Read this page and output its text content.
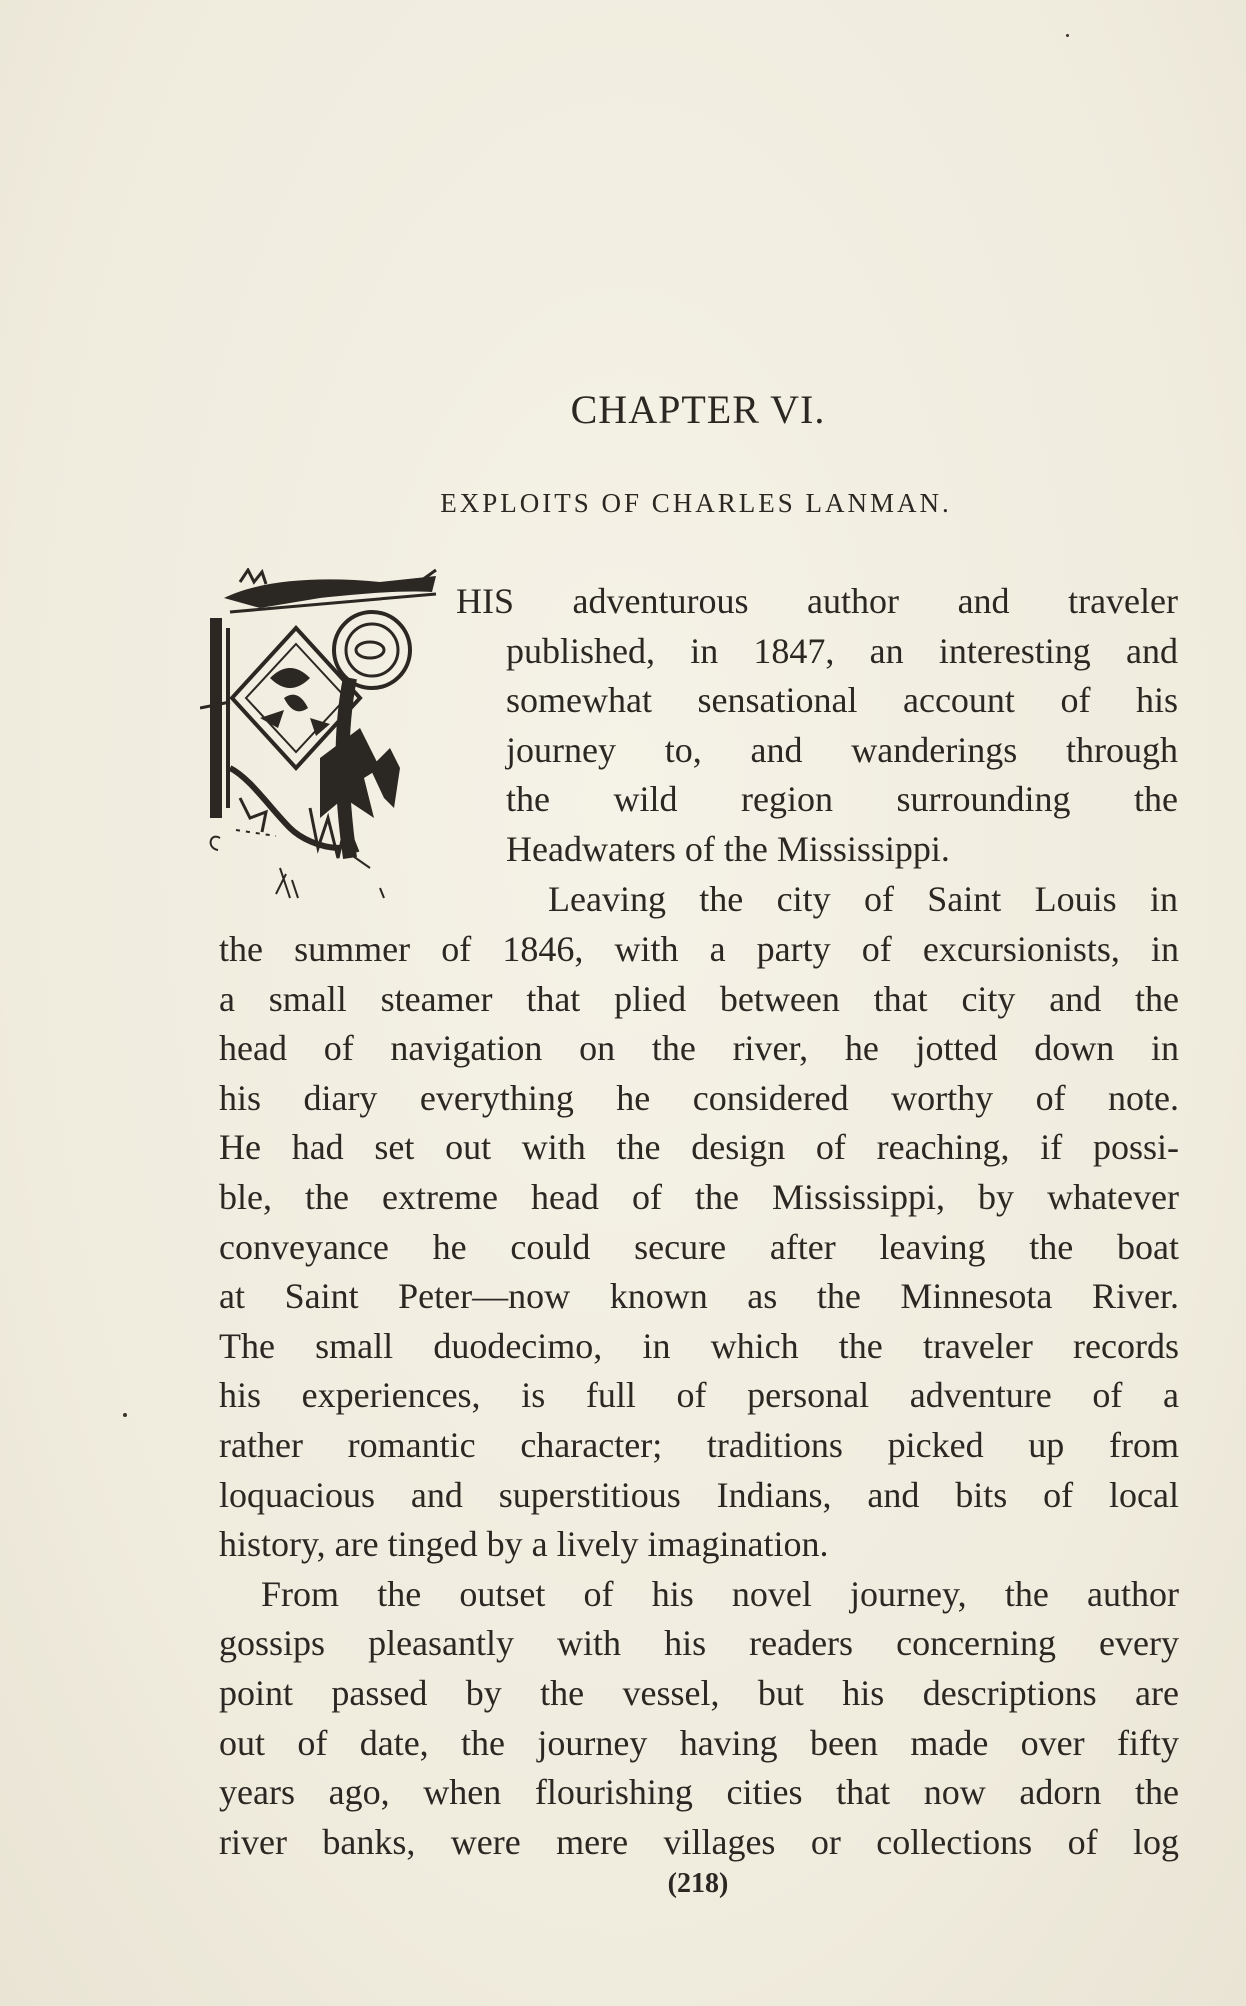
CHAPTER VI.
EXPLOITS OF CHARLES LANMAN.
HIS adventurous author and traveler
published, in 1847, an interesting and
somewhat sensational account of his
journey to, and wanderings through
the wild region surrounding the
Headwaters of the Mississippi.
Leaving the city of Saint Louis in
the summer of 1846, with a party of excursionists, in
a small steamer that plied between that city and the
head of navigation on the river, he jotted down in
his diary everything he considered worthy of note.
He had set out with the design of reaching, if possi-
ble, the extreme head of the Mississippi, by whatever
conveyance he could secure after leaving the boat
at Saint Peter—now known as the Minnesota River.
The small duodecimo, in which the traveler records
his experiences, is full of personal adventure of a
rather romantic character; traditions picked up from
loquacious and superstitious Indians, and bits of local
history, are tinged by a lively imagination.
From the outset of his novel journey, the author
gossips pleasantly with his readers concerning every
point passed by the vessel, but his descriptions are
out of date, the journey having been made over fifty
years ago, when flourishing cities that now adorn the
river banks, were mere villages or collections of log
(218)
